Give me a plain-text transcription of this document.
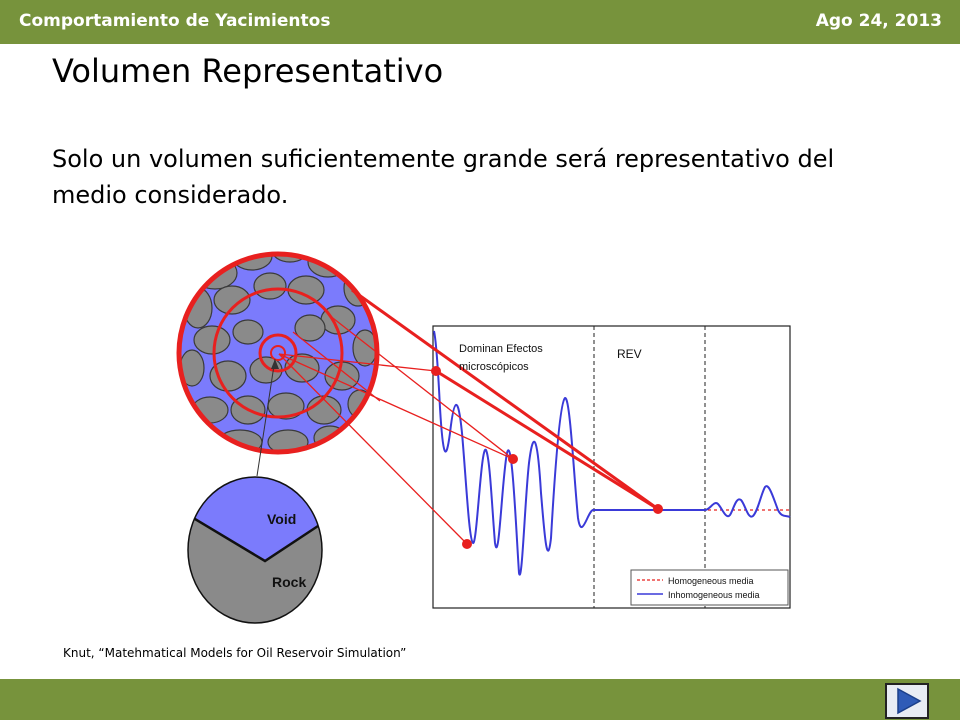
Comportamiento de Yacimientos	Ago 24, 2013
Volumen Representativo
Solo un volumen suficientemente grande será representativo del medio considerado.
Void
Rock
Dominan Efectos
microscópicos
REV
Homogeneous media
Inhomogeneous media
Knut, “Matehmatical Models for Oil Reservoir Simulation”
